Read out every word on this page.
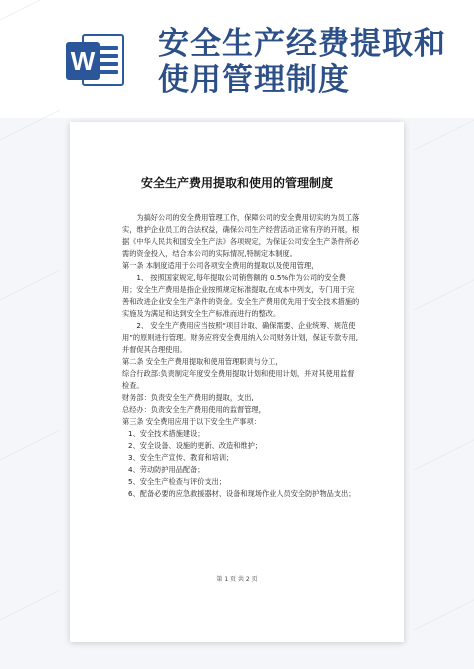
W 安全生产经费提取和使用管理制度
安全生产费用提取和使用的管理制度

为搞好公司的安全费用管理工作，保障公司的安全费用切实的为员工落实，维护企业员工的合法权益，确保公司生产经营活动正常有序的开展，根据《中华人民共和国安全生产法》各项规定，为保证公司安全生产条件所必需的资金投入，结合本公司的实际情况,特制定本制度。

第一条 本制度适用于公司各项安全费用的提取以及使用管理，

1、 按照国家规定,每年提取公司销售额的 0.5%作为公司的安全费用；安全生产费用是指企业按照规定标准提取,在成本中列支，专门用于完善和改进企业安全生产条件的资金。安全生产费用优先用于安全技术措施的实施及为满足和达到安全生产标准而进行的整改。

2、 安全生产费用应当按照“项目计取、确保需要、企业统筹、规范使用”的原则进行管理。财务应将安全费用纳入公司财务计划，保证专款专用,并督促其合理使用。

第二条 安全生产费用提取和使用管理职责与分工，

综合行政部:负责制定年度安全费用提取计划和使用计划，并对其使用监督检查。

财务部：负责安全生产费用的提取，支出,

总经办：负责安全生产费用使用的监督管理，

第三条 安全费用应用于以下安全生产事项：

1、安全技术措施建设；

2、安全设备、设施的更新、改造和维护；

3、安全生产宣传、教育和培训；

4、劳动防护用品配备；

5、安全生产检查与评价支出；

6、配备必要的应急救援器材、设备和现场作业人员安全防护物品支出；

第 1 页 共 2 页
